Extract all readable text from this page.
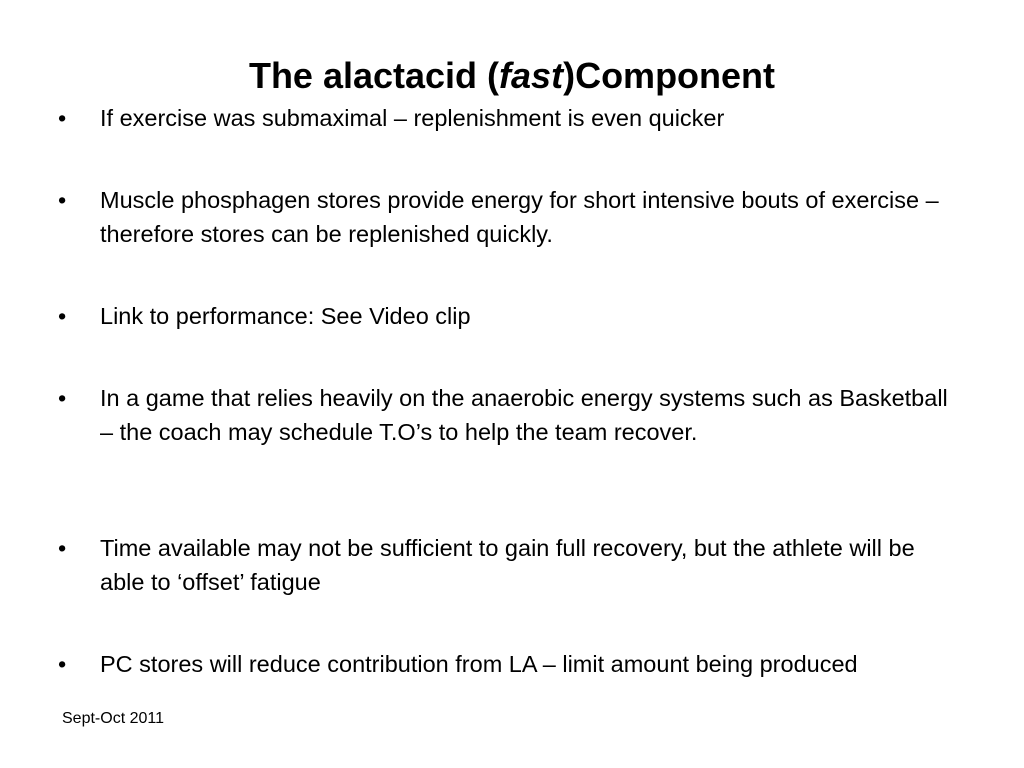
The alactacid (fast)Component
•	If exercise was submaximal – replenishment is even quicker
•	Muscle phosphagen stores provide energy for short intensive bouts of exercise – therefore stores can be replenished quickly.
•	Link to performance: See Video clip
•	In a game that relies heavily on the anaerobic energy systems such as Basketball – the coach may schedule T.O’s to help the team recover.
•	Time available may not be sufficient to gain full recovery, but the athlete will be able to ‘offset’ fatigue
•	PC stores will reduce contribution from LA – limit amount being produced
Sept-Oct 2011
